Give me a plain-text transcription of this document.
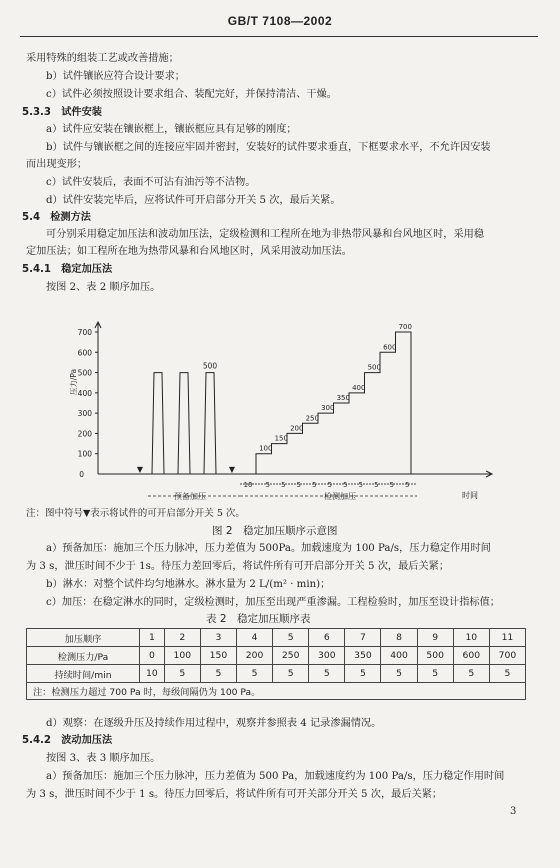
GB/T 7108—2002
采用特殊的组装工艺或改善措施；
b）试件镶嵌应符合设计要求；
c）试件必须按照设计要求组合、装配完好，并保持清洁、干燥。
5.3.3　试件安装
a）试件应安装在镶嵌框上，镶嵌框应具有足够的刚度；
b）试件与镶嵌框之间的连接应牢固并密封，安装好的试件要求垂直，下框要求水平，不允许因安装
而出现变形；
c）试件安装后，表面不可沾有油污等不洁物。
d）试件安装完毕后，应将试件可开启部分开关 5 次，最后关紧。
5.4　检测方法
可分别采用稳定加压法和波动加压法，定级检测和工程所在地为非热带风暴和台风地区时，采用稳
定加压法；如工程所在地为热带风暴和台风地区时，风采用波动加压法。
5.4.1　稳定加压法
按图 2、表 2 顺序加压。
100
200
300
400
500
600
700
0
压力/Pa
时间
500
▼	▼
100
150
200
250
300
350
400
500
600
700
10 5 5 5 5 5 5 5 5 5 5
预备加压	检测加压
注：图中符号▼表示将试件的可开启部分开关 5 次。
图 2　稳定加压顺序示意图
a）预备加压：施加三个压力脉冲，压力差值为 500Pa。加载速度为 100 Pa/s，压力稳定作用时间
为 3 s，泄压时间不少于 1s。待压力差回零后，将试件所有可开启部分开关 5 次，最后关紧；
b）淋水：对整个试件均匀地淋水。淋水量为 2 L/(m² · min)；
c）加压：在稳定淋水的同时，定级检测时，加压至出现严重渗漏。工程检验时，加压至设计指标值；
表 2　稳定加压顺序表
加压顺序	1	2	3	4	5	6	7	8	9	10	11
检测压力/Pa	0	100	150	200	250	300	350	400	500	600	700
持续时间/min	10	5	5	5	5	5	5	5	5	5	5
注：检测压力超过 700 Pa 时，每级间隔仍为 100 Pa。											
d）观察：在逐级升压及持续作用过程中，观察并参照表 4 记录渗漏情况。
5.4.2　波动加压法
按图 3、表 3 顺序加压。
a）预备加压：施加三个压力脉冲，压力差值为 500 Pa，加载速度约为 100 Pa/s，压力稳定作用时间
为 3 s，泄压时间不少于 1 s。待压力回零后，将试件所有可开关部分开关 5 次，最后关紧；
3
